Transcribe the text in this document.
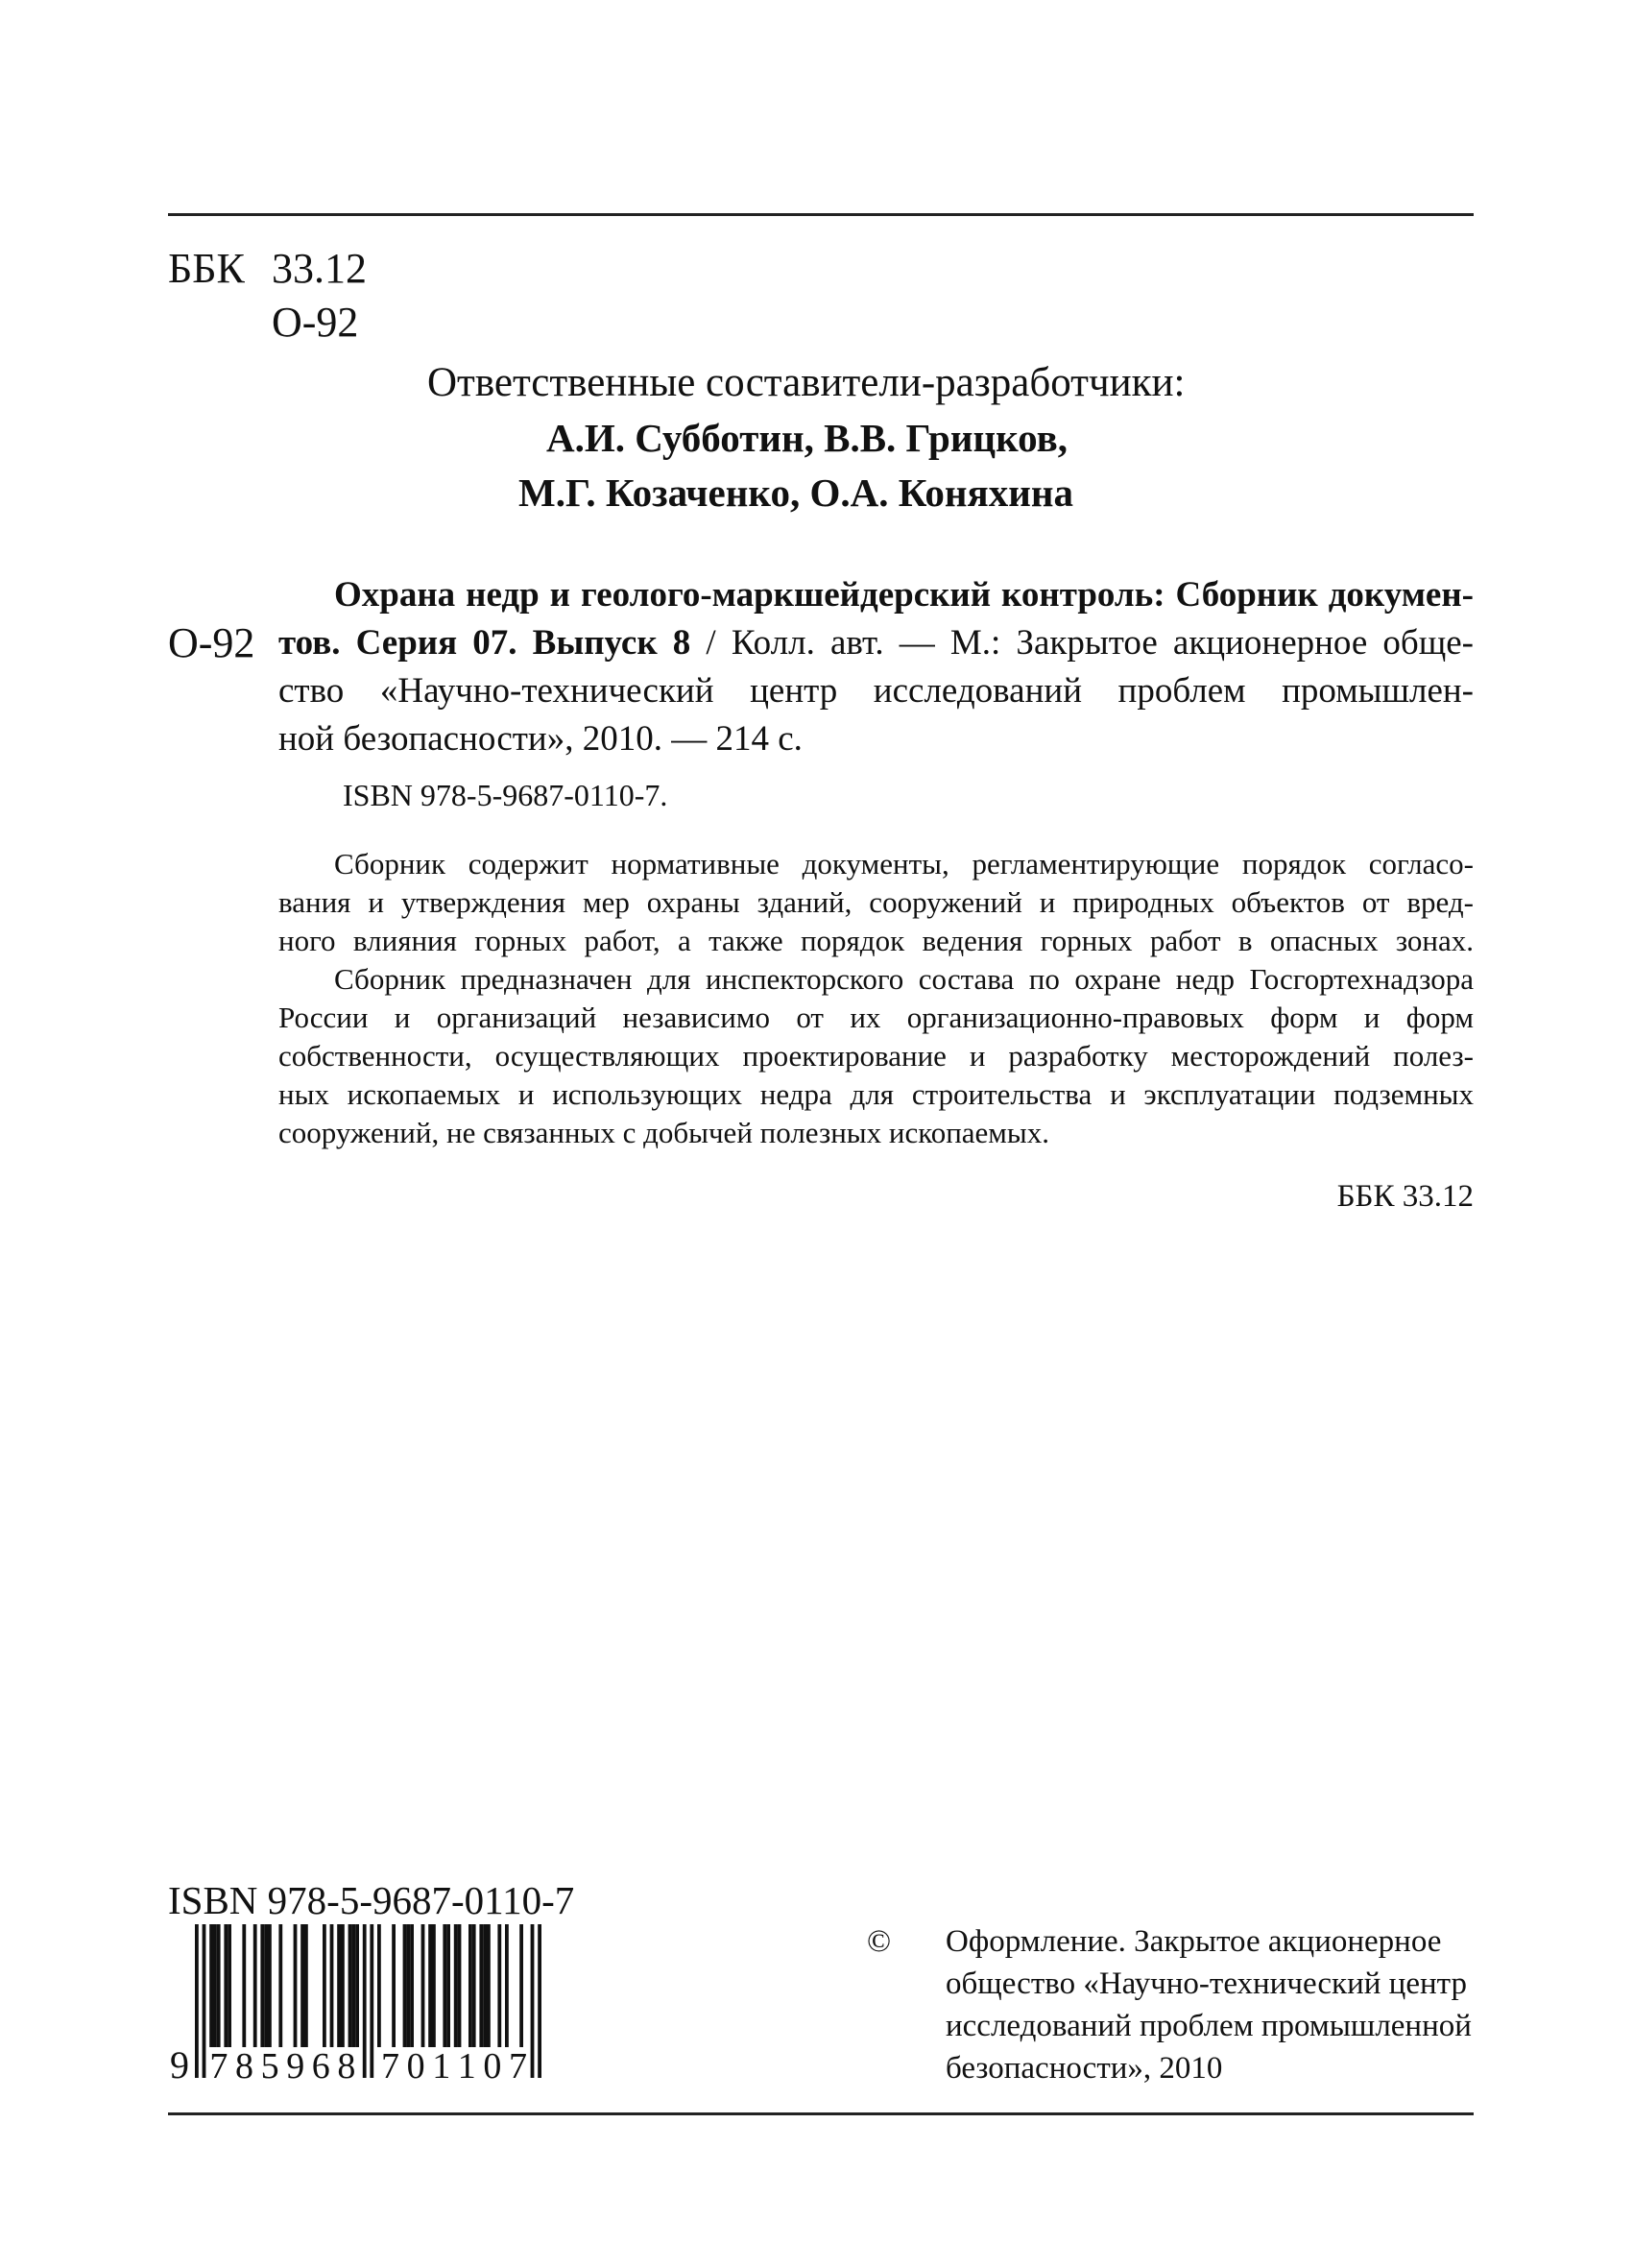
ББК 33.12
О-92
Ответственные составители-разработчики:
А.И. Субботин, В.В. Грицков,
М.Г. Козаченко, О.А. Коняхина
О-92
Охрана недр и геолого-маркшейдерский контроль: Сборник докумен-
тов. Серия 07. Выпуск 8 / Колл. авт. — М.: Закрытое акционерное обще-
ство «Научно-технический центр исследований проблем промышлен-
ной безопасности», 2010. — 214 с.
ISBN 978-5-9687-0110-7.
Сборник содержит нормативные документы, регламентирующие порядок согласо-
вания и утверждения мер охраны зданий, сооружений и природных объектов от вред-
ного влияния горных работ, а также порядок ведения горных работ в опасных зонах.
Сборник предназначен для инспекторского состава по охране недр Госгортехнадзора
России и организаций независимо от их организационно-правовых форм и форм
собственности, осуществляющих проектирование и разработку месторождений полез-
ных ископаемых и использующих недра для строительства и эксплуатации подземных
сооружений, не связанных с добычей полезных ископаемых.
ББК 33.12
ISBN 978-5-9687-0110-7
9 7 8 5 9 6 8 7 0 1 1 0 7
©	Оформление. Закрытое акционерное
общество «Научно-технический центр
исследований проблем промышленной
безопасности», 2010
